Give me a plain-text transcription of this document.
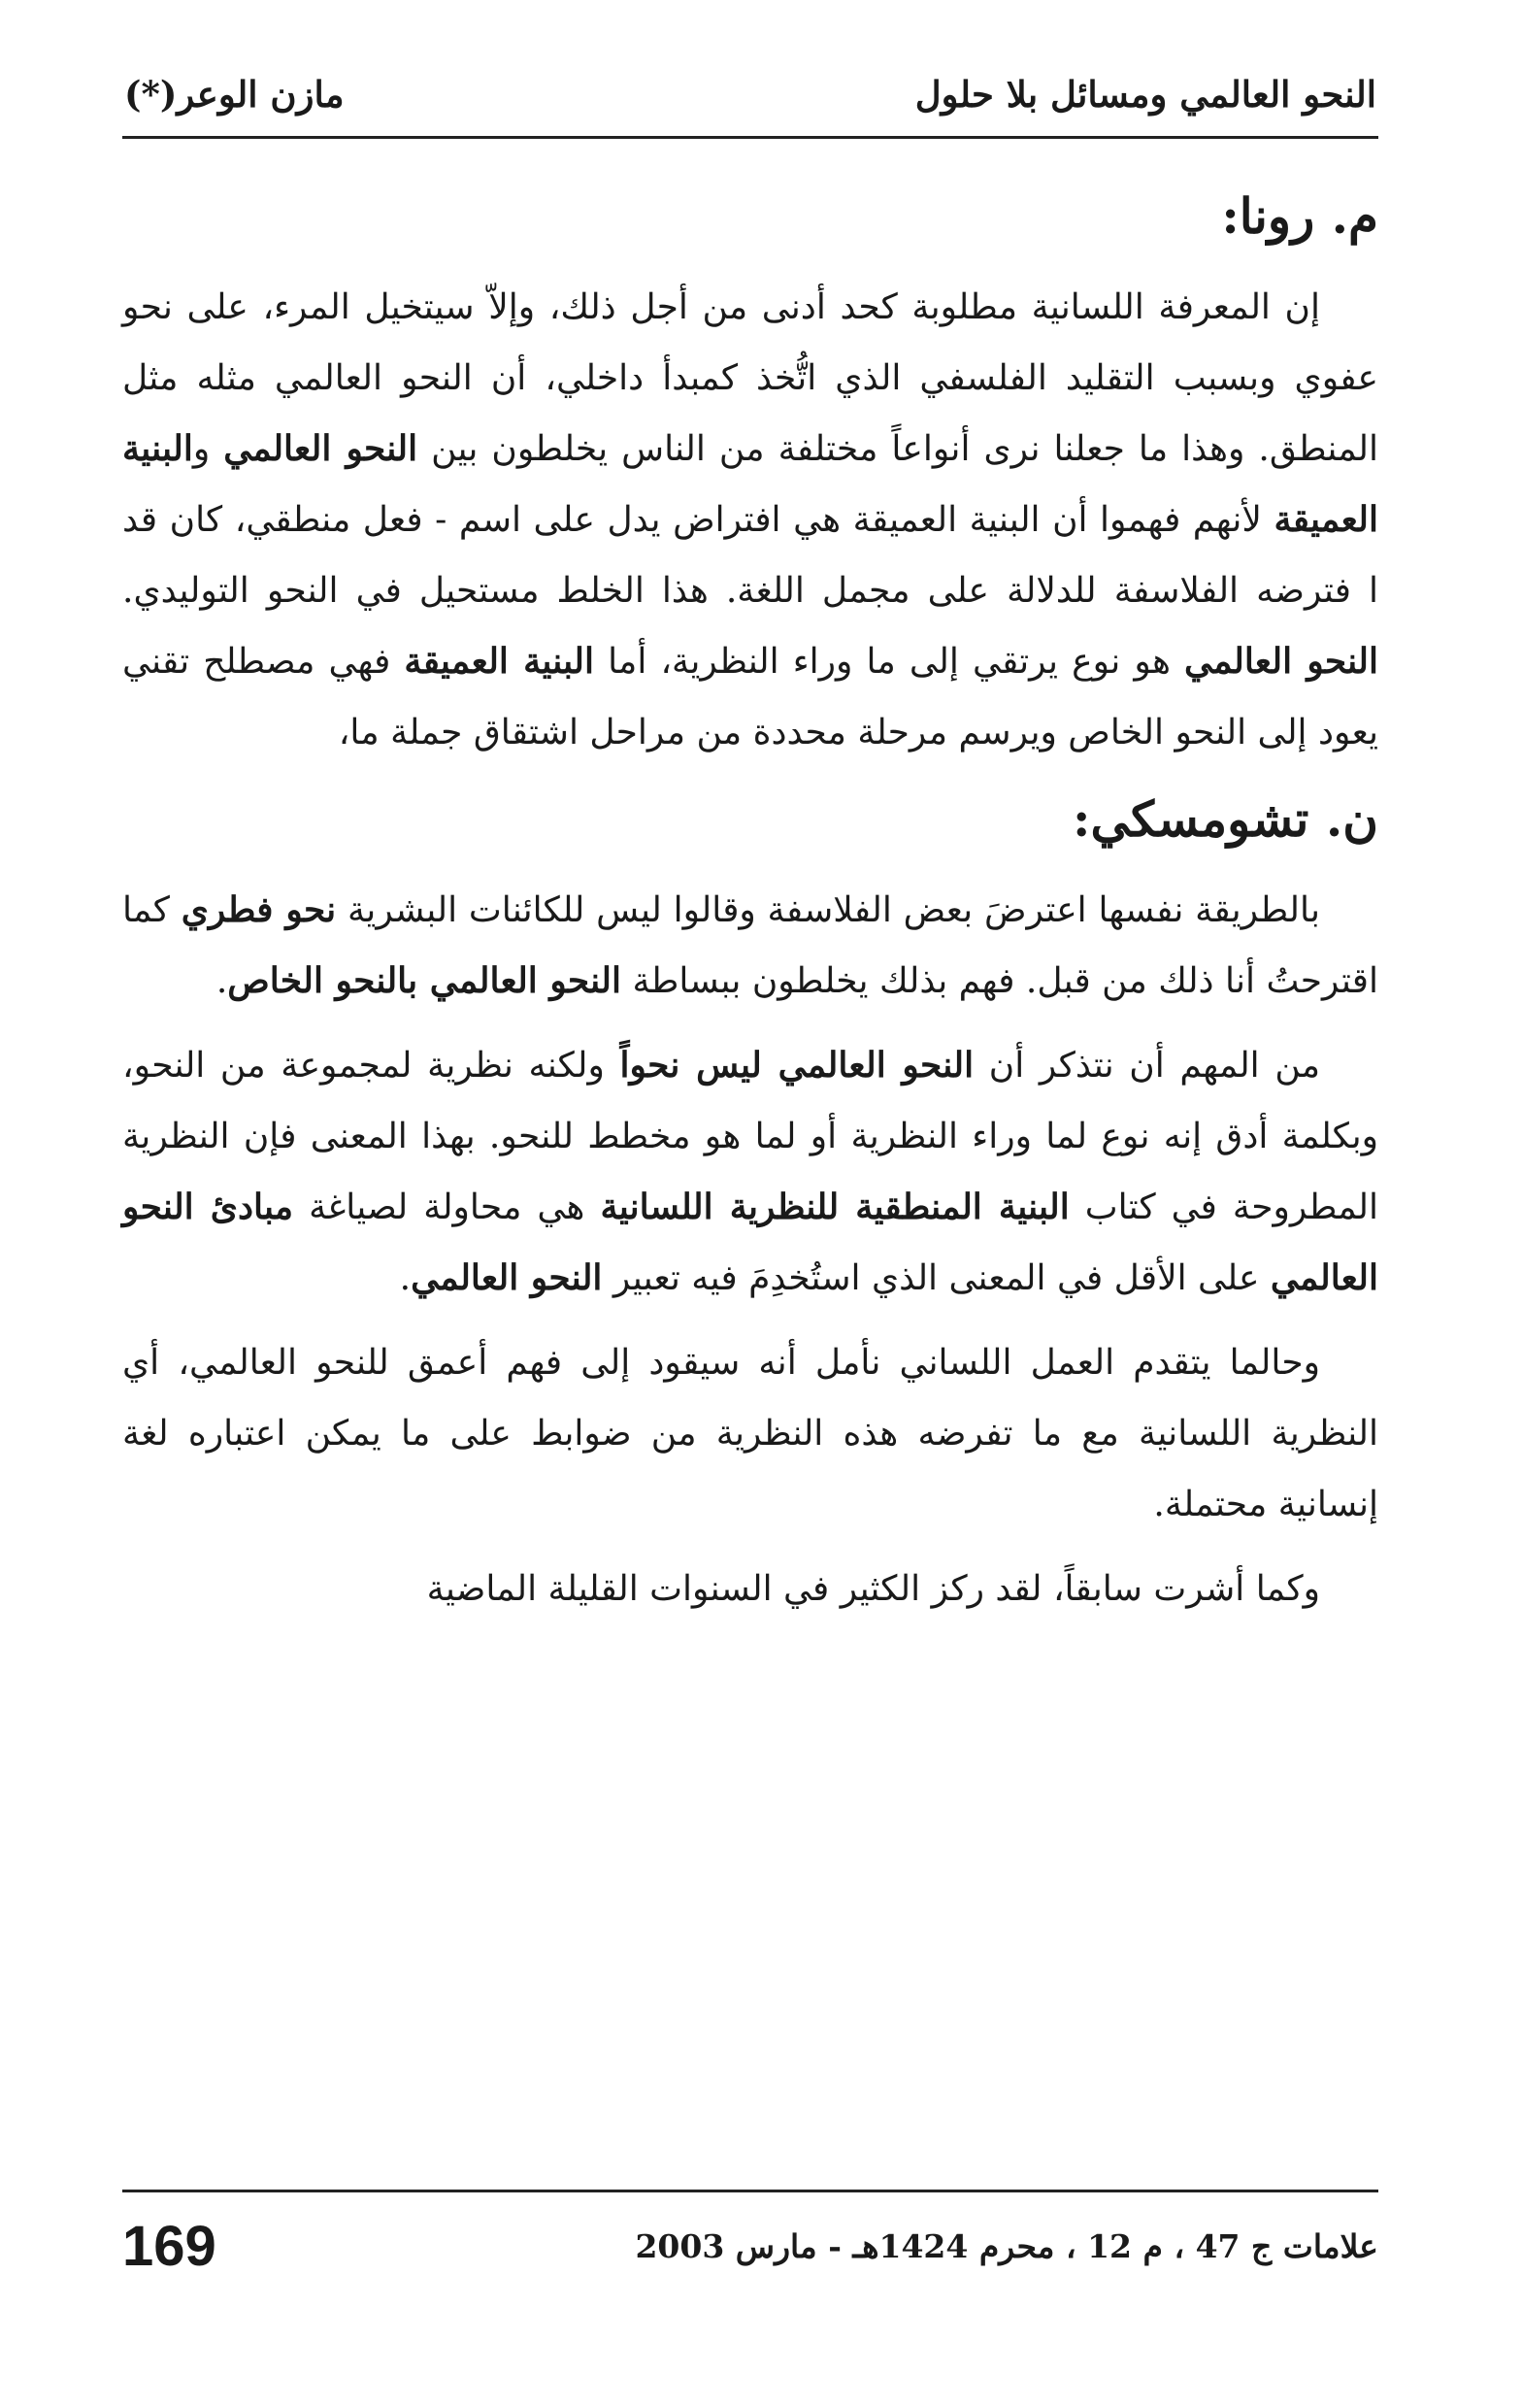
النحو العالمي ومسائل بلا حلول
مازن الوعر(*)
م. رونا:

إن المعرفة اللسانية مطلوبة كحد أدنى من أجل ذلك، وإلاّ سيتخيل المرء، على نحو عفوي وبسبب التقليد الفلسفي الذي اتُّخذ كمبدأ داخلي، أن النحو العالمي مثله مثل المنطق. وهذا ما جعلنا نرى أنواعاً مختلفة من الناس يخلطون بين النحو العالمي والبنية العميقة لأنهم فهموا أن البنية العميقة هي افتراض يدل على اسم - فعل منطقي، كان قد ا فترضه الفلاسفة للدلالة على مجمل اللغة. هذا الخلط مستحيل في النحو التوليدي. النحو العالمي هو نوع يرتقي إلى ما وراء النظرية، أما البنية العميقة فهي مصطلح تقني يعود إلى النحو الخاص ويرسم مرحلة محددة من مراحل اشتقاق جملة ما،

ن. تشومسكي:

بالطريقة نفسها اعترضَ بعض الفلاسفة وقالوا ليس للكائنات البشرية نحو فطري كما اقترحتُ أنا ذلك من قبل. فهم بذلك يخلطون ببساطة النحو العالمي بالنحو الخاص.

من المهم أن نتذكر أن النحو العالمي ليس نحواً ولكنه نظرية لمجموعة من النحو، وبكلمة أدق إنه نوع لما وراء النظرية أو لما هو مخطط للنحو. بهذا المعنى فإن النظرية المطروحة في كتاب البنية المنطقية للنظرية اللسانية هي محاولة لصياغة مبادئ النحو العالمي على الأقل في المعنى الذي استُخدِمَ فيه تعبير النحو العالمي.

وحالما يتقدم العمل اللساني نأمل أنه سيقود إلى فهم أعمق للنحو العالمي، أي النظرية اللسانية مع ما تفرضه هذه النظرية من ضوابط على ما يمكن اعتباره لغة إنسانية محتملة.

وكما أشرت سابقاً، لقد ركز الكثير في السنوات القليلة الماضية

علامات ج 47 ، م 12 ، محرم 1424هـ - مارس 2003
169
